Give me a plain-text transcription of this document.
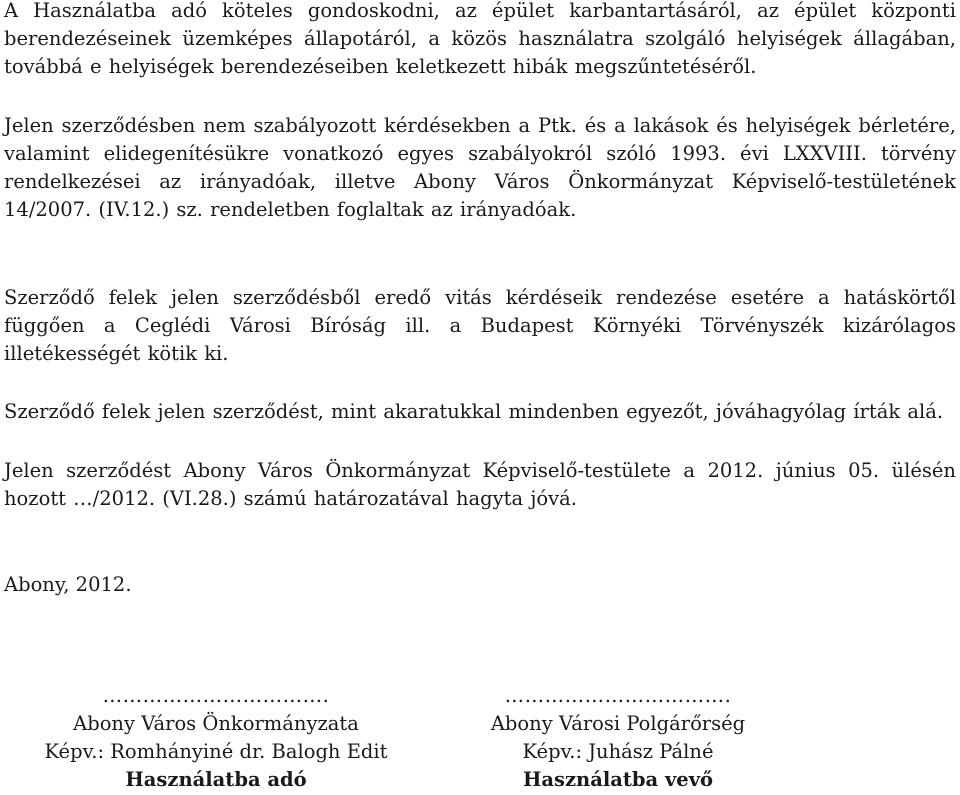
A Használatba adó köteles gondoskodni, az épület karbantartásáról, az épület központi berendezéseinek üzemképes állapotáról, a közös használatra szolgáló helyiségek állagában, továbbá e helyiségek berendezéseiben keletkezett hibák megszűntetéséről.

Jelen szerződésben nem szabályozott kérdésekben a Ptk. és a lakások és helyiségek bérletére, valamint elidegenítésükre vonatkozó egyes szabályokról szóló 1993. évi LXXVIII. törvény rendelkezései az irányadóak, illetve Abony Város Önkormányzat Képviselő-testületének 14/2007. (IV.12.) sz. rendeletben foglaltak az irányadóak.

Szerződő felek jelen szerződésből eredő vitás kérdéseik rendezése esetére a hatáskörtől függően a Ceglédi Városi Bíróság ill. a Budapest Környéki Törvényszék kizárólagos illetékességét kötik ki.

Szerződő felek jelen szerződést, mint akaratukkal mindenben egyezőt, jóváhagyólag írták alá.

Jelen szerződést Abony Város Önkormányzat Képviselő-testülete a 2012. június 05. ülésén hozott …/2012. (VI.28.) számú határozatával hagyta jóvá.

Abony, 2012.

…………………………….
Abony Város Önkormányzata
Képv.: Romhányiné dr. Balogh Edit
Használatba adó
…………………………….
Abony Városi Polgárőrség
Képv.: Juhász Pálné
Használatba vevő
